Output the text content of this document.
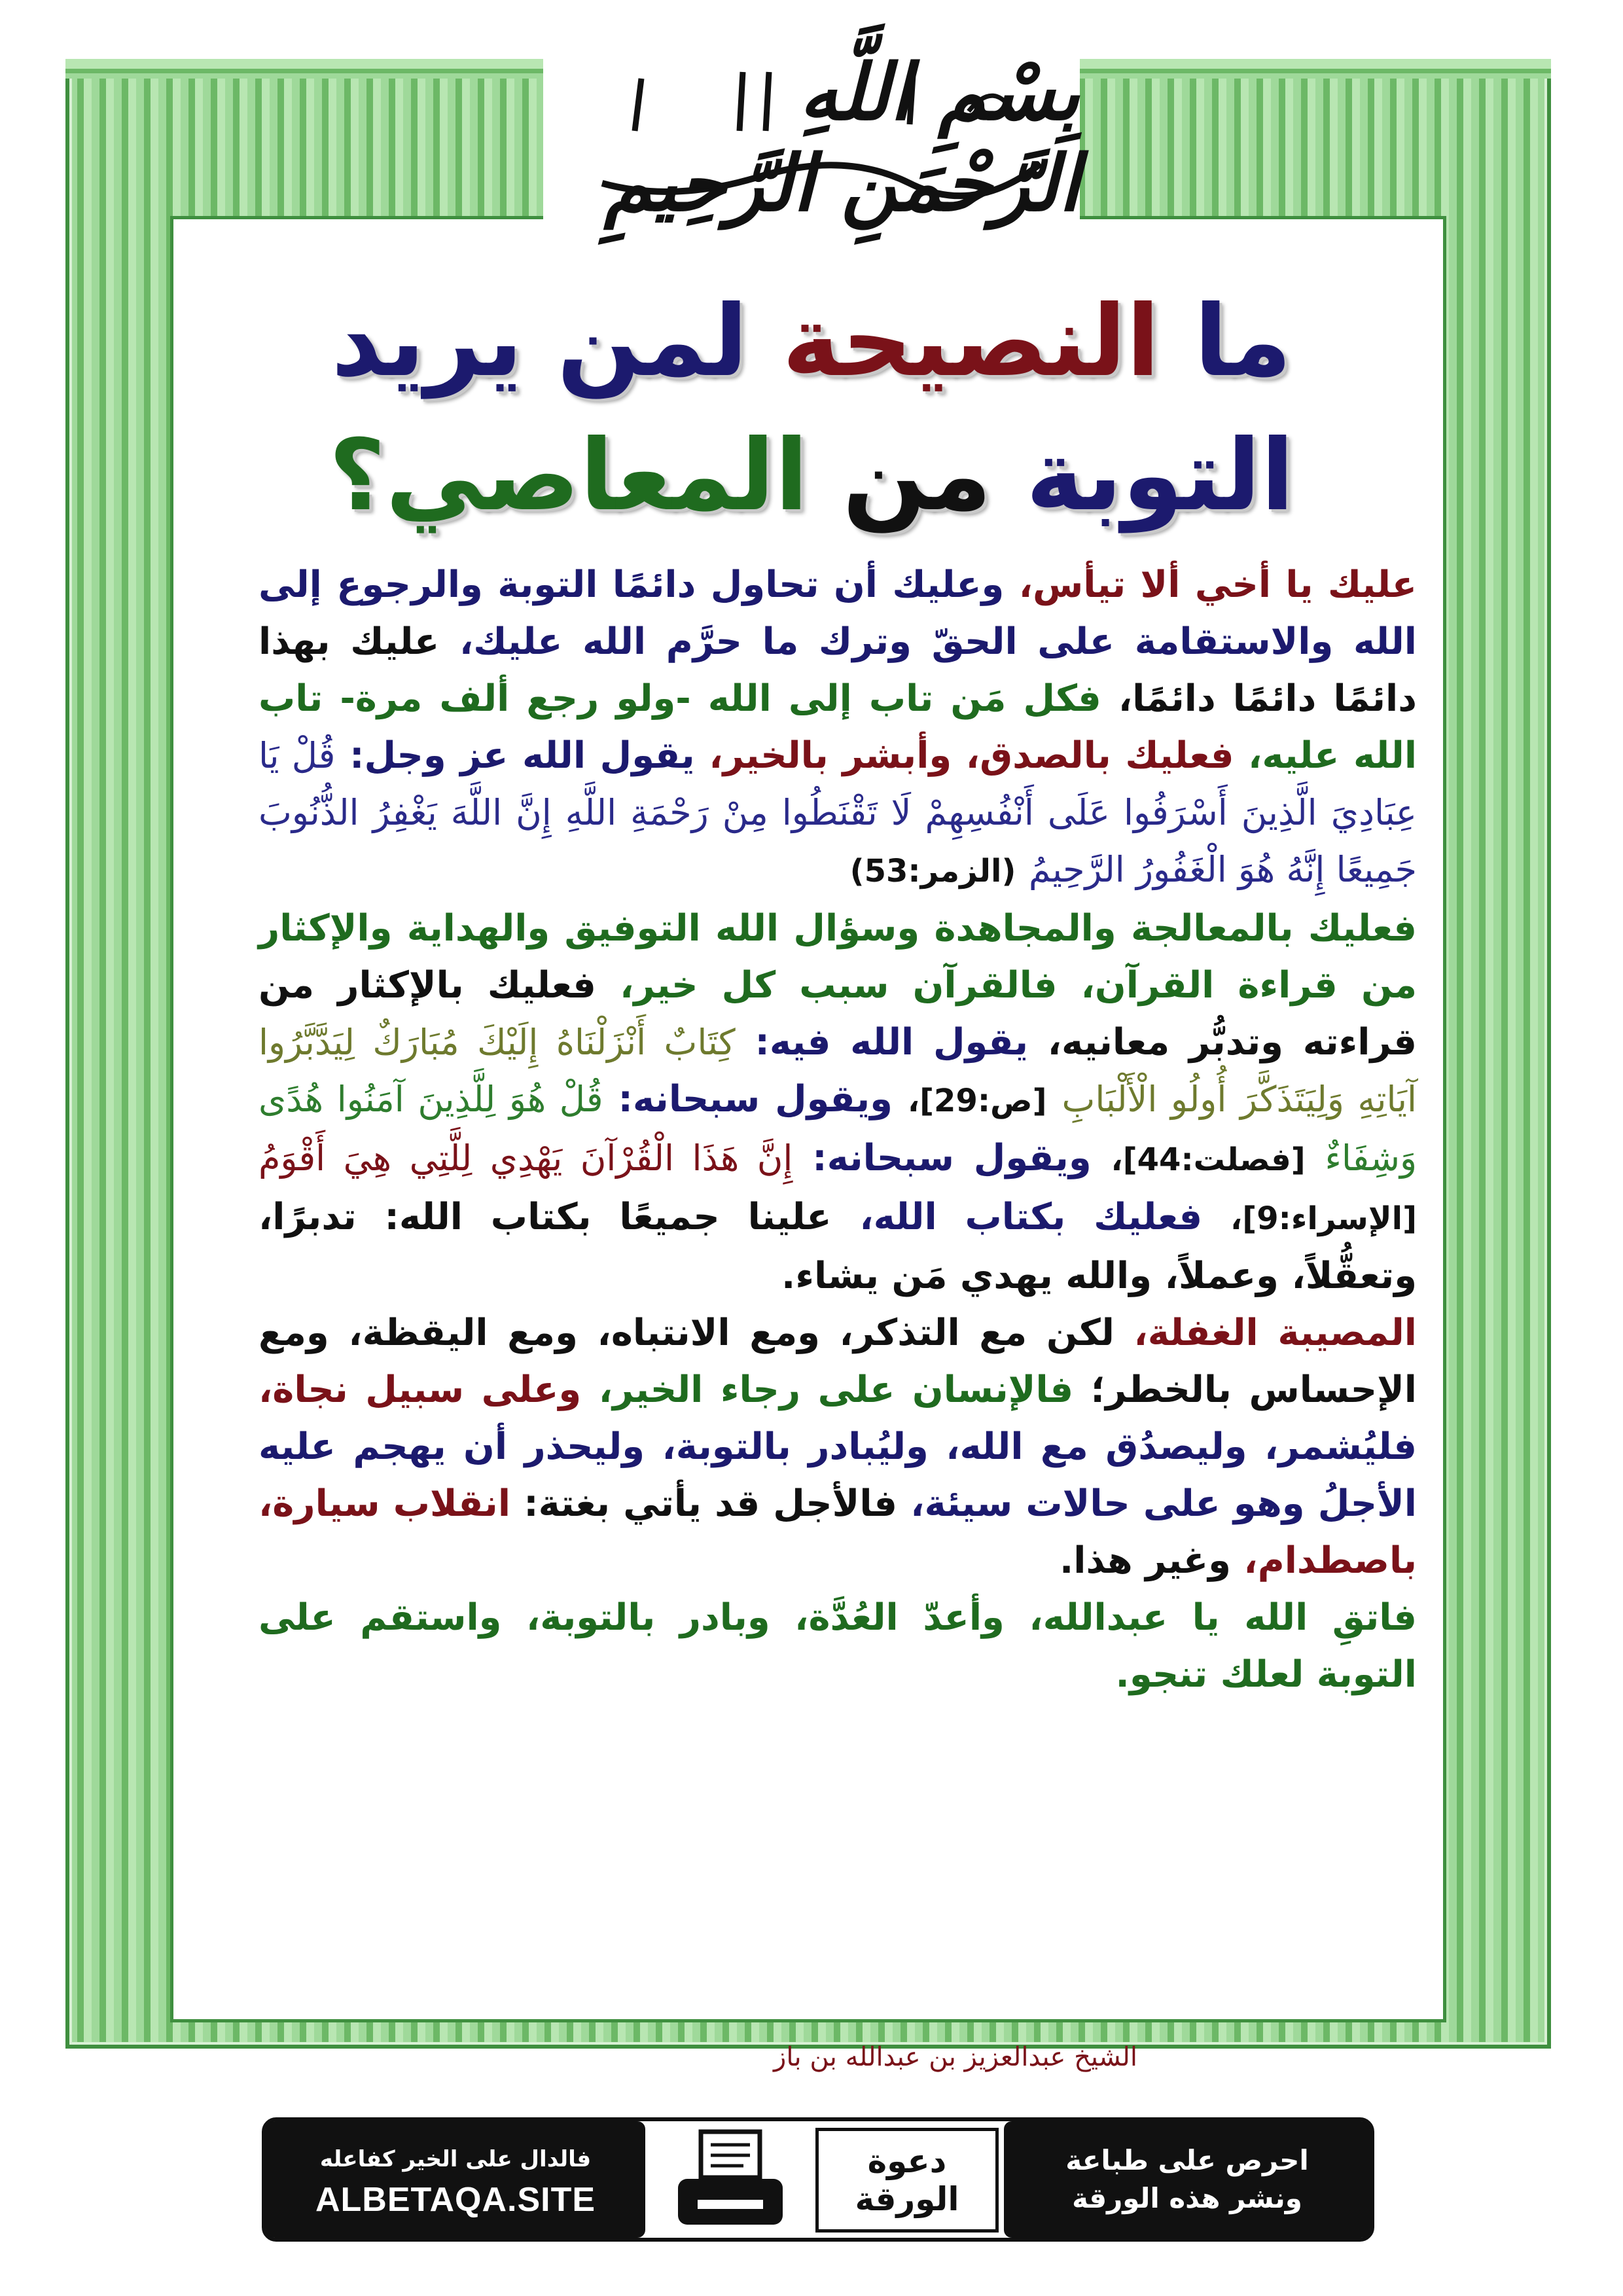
بِسْمِ اللَّهِ الرَّحْمَنِ الرَّحِيمِ
ما النصيحة لمن يريد
التوبة من المعاصي؟

عليك يا أخي ألا تيأس، وعليك أن تحاول دائمًا التوبة والرجوع إلى الله والاستقامة على الحقّ وترك ما حرَّم الله عليك، عليك بهذا دائمًا دائمًا دائمًا، فكل مَن تاب إلى الله -ولو رجع ألف مرة- تاب الله عليه، فعليك بالصدق، وأبشر بالخير، يقول الله عز وجل: قُلْ يَا عِبَادِيَ الَّذِينَ أَسْرَفُوا عَلَى أَنْفُسِهِمْ لَا تَقْنَطُوا مِنْ رَحْمَةِ اللَّهِ إِنَّ اللَّهَ يَغْفِرُ الذُّنُوبَ جَمِيعًا إِنَّهُ هُوَ الْغَفُورُ الرَّحِيمُ (الزمر:53)

فعليك بالمعالجة والمجاهدة وسؤال الله التوفيق والهداية والإكثار من قراءة القرآن، فالقرآن سبب كل خير، فعليك بالإكثار من قراءته وتدبُّر معانيه، يقول الله فيه: كِتَابٌ أَنْزَلْنَاهُ إِلَيْكَ مُبَارَكٌ لِيَدَّبَّرُوا آيَاتِهِ وَلِيَتَذَكَّرَ أُولُو الْأَلْبَابِ [ص:29]، ويقول سبحانه: قُلْ هُوَ لِلَّذِينَ آمَنُوا هُدًى وَشِفَاءٌ [فصلت:44]، ويقول سبحانه: إِنَّ هَذَا الْقُرْآنَ يَهْدِي لِلَّتِي هِيَ أَقْوَمُ [الإسراء:9]، فعليك بكتاب الله، علينا جميعًا بكتاب الله: تدبرًا، وتعقُّلاً، وعملاً، والله يهدي مَن يشاء.

المصيبة الغفلة، لكن مع التذكر، ومع الانتباه، ومع اليقظة، ومع الإحساس بالخطر؛ فالإنسان على رجاء الخير، وعلى سبيل نجاة، فليُشمر، وليصدُق مع الله، وليُبادر بالتوبة، وليحذر أن يهجم عليه الأجلُ وهو على حالات سيئة، فالأجل قد يأتي بغتة: انقلاب سيارة، باصطدام، وغير هذا.

فاتقِ الله يا عبدالله، وأعدّ العُدَّة، وبادر بالتوبة، واستقم على التوبة لعلك تنجو.

الشيخ عبدالعزيز بن عبدالله بن باز
احرص على طباعة
ونشر هذه الورقة
دعوة
الورقة
فالدال على الخير كفاعله
ALBETAQA.SITE
